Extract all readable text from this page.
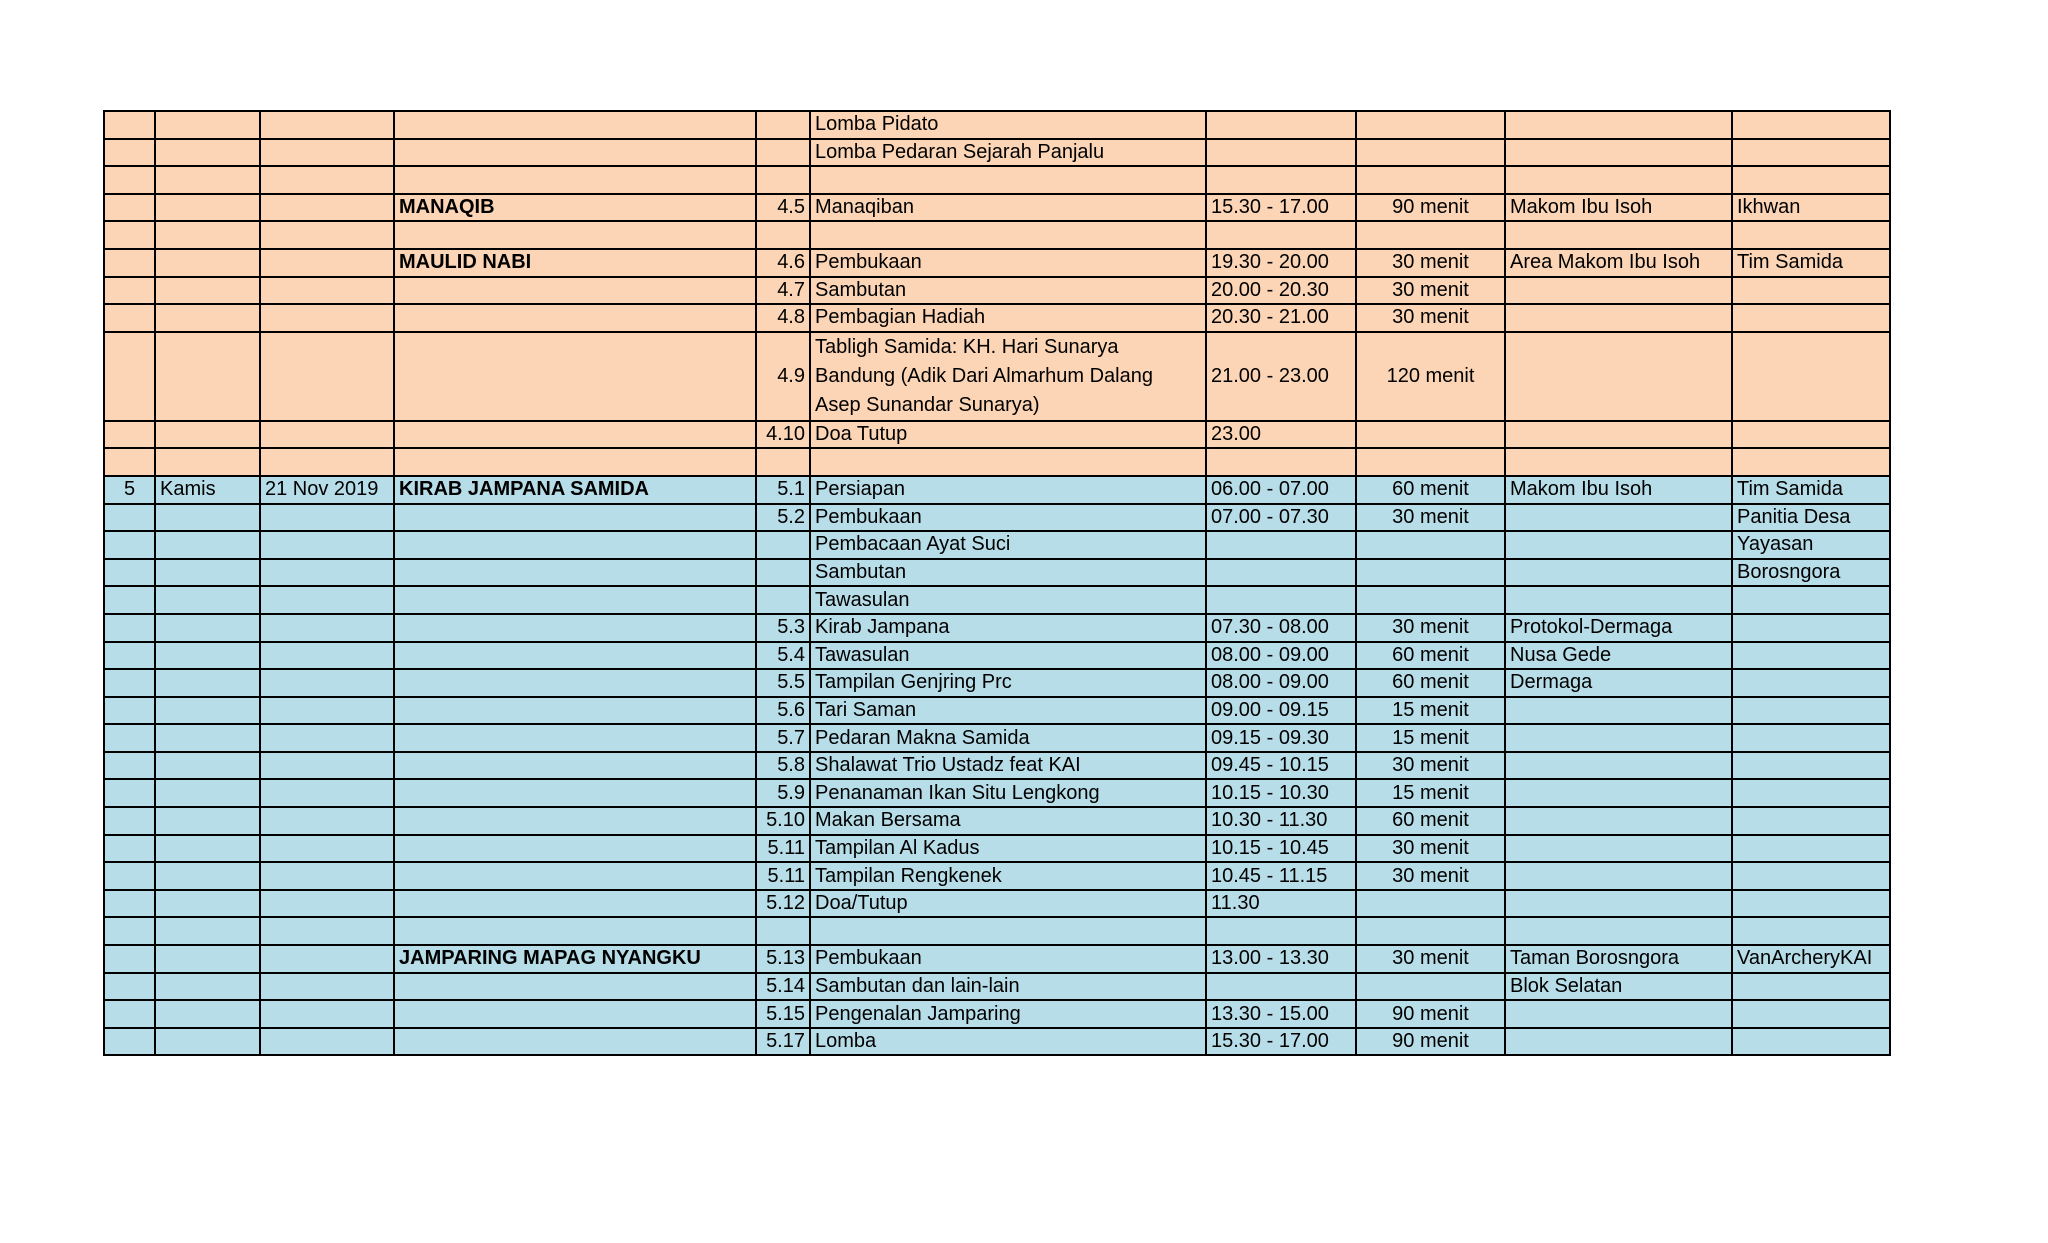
					Lomba Pidato				
					Lomba Pedaran Sejarah Panjalu				

			MANAQIB	4.5	Manaqiban	15.30 - 17.00	90 menit	Makom Ibu Isoh	Ikhwan

			MAULID NABI	4.6	Pembukaan	19.30 - 20.00	30 menit	Area Makom Ibu Isoh	Tim Samida
				4.7	Sambutan	20.00 - 20.30	30 menit		
				4.8	Pembagian Hadiah	20.30 - 21.00	30 menit		
				4.9	Tabligh Samida: KH. Hari Sunarya Bandung (Adik Dari Almarhum Dalang Asep Sunandar Sunarya)	21.00 - 23.00	120 menit		
				4.10	Doa Tutup	23.00			

5	Kamis	21 Nov 2019	KIRAB JAMPANA SAMIDA	5.1	Persiapan	06.00 - 07.00	60 menit	Makom Ibu Isoh	Tim Samida
				5.2	Pembukaan	07.00 - 07.30	30 menit		Panitia Desa
					Pembacaan Ayat Suci				Yayasan
					Sambutan				Borosngora
					Tawasulan				
				5.3	Kirab Jampana	07.30 - 08.00	30 menit	Protokol-Dermaga	
				5.4	Tawasulan	08.00 - 09.00	60 menit	Nusa Gede	
				5.5	Tampilan Genjring Prc	08.00 - 09.00	60 menit	Dermaga	
				5.6	Tari Saman	09.00 - 09.15	15 menit		
				5.7	Pedaran Makna Samida	09.15 - 09.30	15 menit		
				5.8	Shalawat Trio Ustadz feat KAI	09.45 - 10.15	30 menit		
				5.9	Penanaman Ikan Situ Lengkong	10.15 - 10.30	15 menit		
				5.10	Makan Bersama	10.30 - 11.30	60 menit		
				5.11	Tampilan Al Kadus	10.15 - 10.45	30 menit		
				5.11	Tampilan Rengkenek	10.45 - 11.15	30 menit		
				5.12	Doa/Tutup	11.30			

			JAMPARING MAPAG NYANGKU	5.13	Pembukaan	13.00 - 13.30	30 menit	Taman Borosngora	VanArcheryKAI
				5.14	Sambutan dan lain-lain			Blok Selatan	
				5.15	Pengenalan Jamparing	13.30 - 15.00	90 menit		
				5.17	Lomba	15.30 - 17.00	90 menit		
